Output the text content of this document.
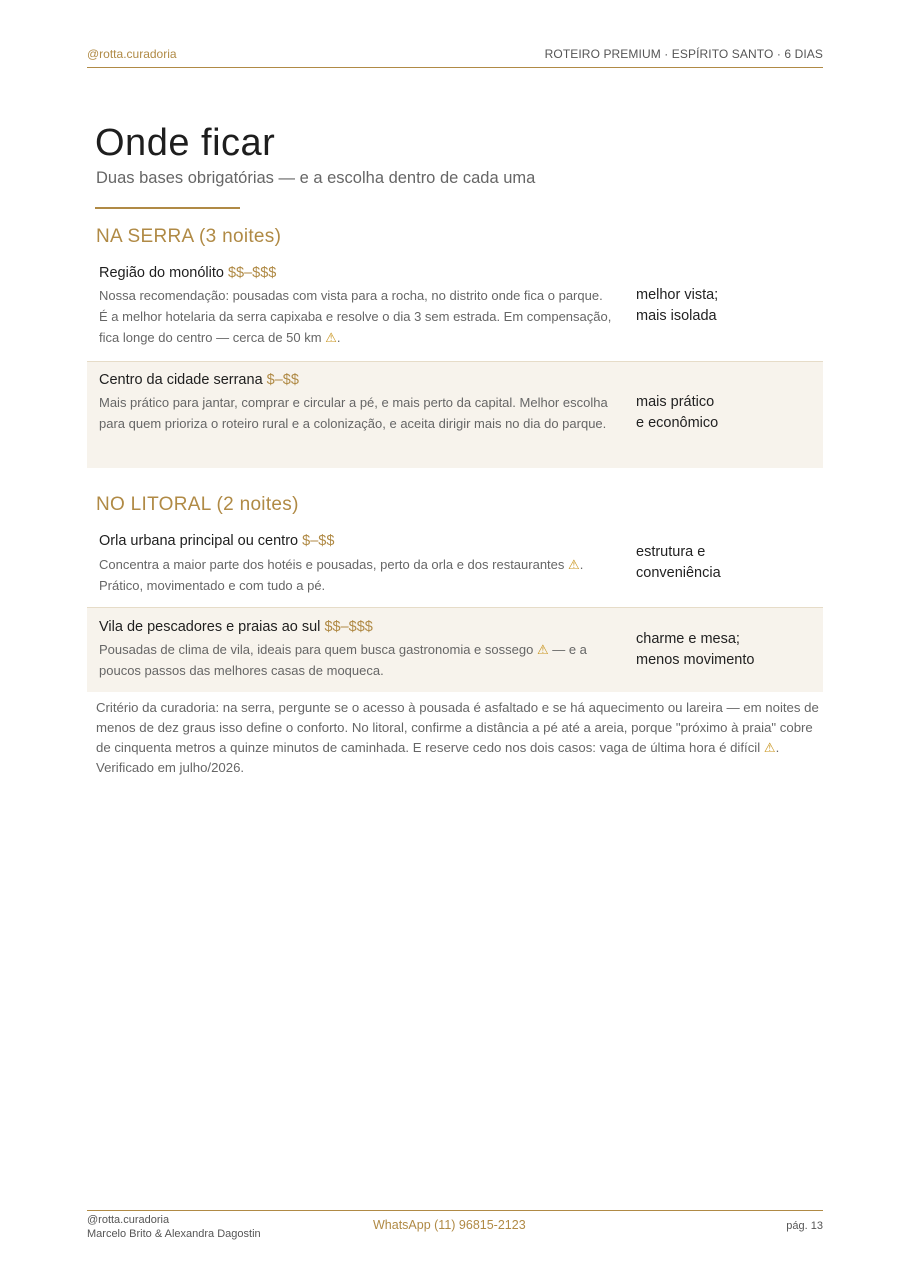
@rotta.curadoria	ROTEIRO PREMIUM · ESPÍRITO SANTO · 6 DIAS
Onde ficar
Duas bases obrigatórias — e a escolha dentro de cada uma
NA SERRA (3 noites)
Região do monólito $$–$$$
Nossa recomendação: pousadas com vista para a rocha, no distrito onde fica o parque. É a melhor hotelaria da serra capixaba e resolve o dia 3 sem estrada. Em compensação, fica longe do centro — cerca de 50 km ⚠.
melhor vista;
mais isolada
Centro da cidade serrana $–$$
Mais prático para jantar, comprar e circular a pé, e mais perto da capital. Melhor escolha para quem prioriza o roteiro rural e a colonização, e aceita dirigir mais no dia do parque.
mais prático
e econômico
NO LITORAL (2 noites)
Orla urbana principal ou centro $–$$
Concentra a maior parte dos hotéis e pousadas, perto da orla e dos restaurantes ⚠. Prático, movimentado e com tudo a pé.
estrutura e
conveniência
Vila de pescadores e praias ao sul $$–$$$
Pousadas de clima de vila, ideais para quem busca gastronomia e sossego ⚠ — e a poucos passos das melhores casas de moqueca.
charme e mesa;
menos movimento
Critério da curadoria: na serra, pergunte se o acesso à pousada é asfaltado e se há aquecimento ou lareira — em noites de menos de dez graus isso define o conforto. No litoral, confirme a distância a pé até a areia, porque "próximo à praia" cobre de cinquenta metros a quinze minutos de caminhada. E reserve cedo nos dois casos: vaga de última hora é difícil ⚠. Verificado em julho/2026.
@rotta.curadoria
Marcelo Brito & Alexandra Dagostin
WhatsApp (11) 96815-2123	pág. 13
